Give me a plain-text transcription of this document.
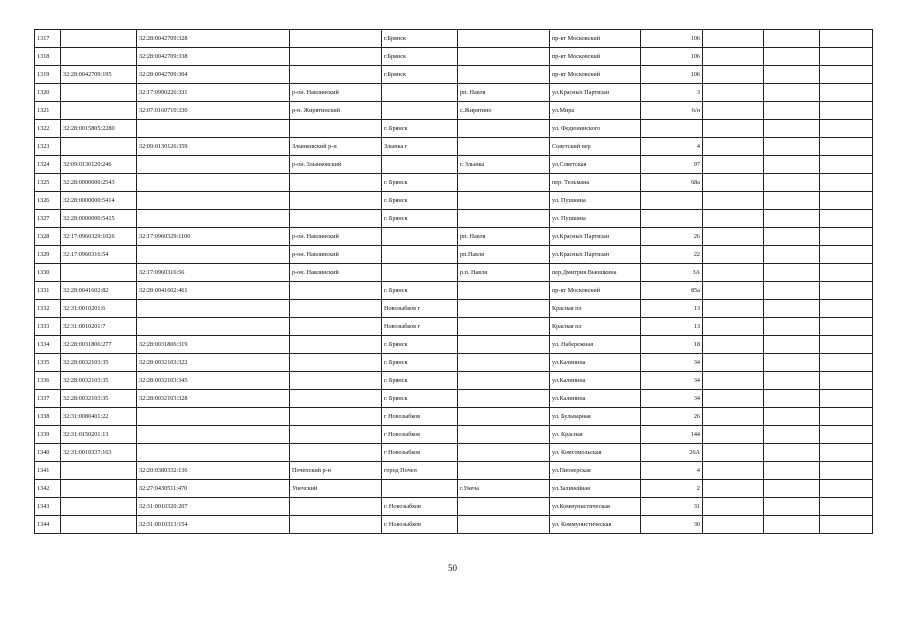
1317		32:28:0042709:328		г.Брянск		пр-кт Московский	106			
1318		32:28:0042709:338		г.Брянск		пр-кт Московский	106			
1319	32:28:0042709:195	32:28:0042709:304		г.Брянск		пр-кт Московский	106			
1320		32:17:0990226:331	р-он. Навлинский		рп. Навля	ул.Красных Партизан	3			
1321		32:07:0160710:330	р-н. Жирятинский		с.Жирятино	ул.Мира	6/н			
1322	32:28:0015805:2280			г. Брянск		ул. Федюнинского				
1323		32:09:0130126:359	Злынковский р-н	Злынка г		Советский пер	4			
1324	32:09:0130120:246		р-он. Злынковский		г. Злынка	ул.Советская	97			
1325	32:28:0000000:2543			г. Брянск		пер. Тельмана	68а			
1326	32:28:0000000:5414			г. Брянск		ул. Пушкина				
1327	32:28:0000000:5415			г. Брянск		ул. Пушкина				
1328	32:17:0960329:1026	32:17:0960329:1100	р-он. Навлинский		рп. Навля	ул.Красных Партизан	26			
1329	32:17:0960316:54		р-он. Навлинский		рп.Навля	ул.Красных Партизан	22			
1330		32:17:0960316:56	р-он. Навлинский		р.п. Навля	пер.Дмитрия Вьюшкина	3А			
1331	32:28:0041602:82	32:28:0041602:461		г. Брянск		пр-кт Московский	85а			
1332	32:31:0010201:6			Новозыбков г		Красная пл	13			
1333	32:31:0010201:7			Новозыбков г		Красная пл	13			
1334	32:28:0031806:277	32:28:0031806:319		г. Брянск		ул. Набережная	18			
1335	32:28:0032103:35	32:28:0032103:322		г. Брянск		ул.Калинина	34			
1336	32:28:0032103:35	32:28:0032103:345		г. Брянск		ул.Калинина	34			
1337	32:28:0032103:35	32:28:0032103:328		г. Брянск		ул.Калинина	34			
1338	32:31:0080401:22			г Новозыбков		ул. Бульварная	26			
1339	32:31:0150201:13			г Новозыбков		ул. Красная	144			
1340	32:31:0010337:163			г Новозыбков		ул. Комсомольская	26А			
1341		32:20:0380332:136	Почепский р-н	город Почеп		ул.Пионерская	4			
1342		32:27:0430511:470	Унечский		г.Унеча	ул.Залинейная	2			
1343		32:31:0010320:207		г. Новозыбков		ул.Коммунистическая	31			
1344		32:31:0010313:154		г. Новозыбков		ул. Коммунистическая	30			
50
